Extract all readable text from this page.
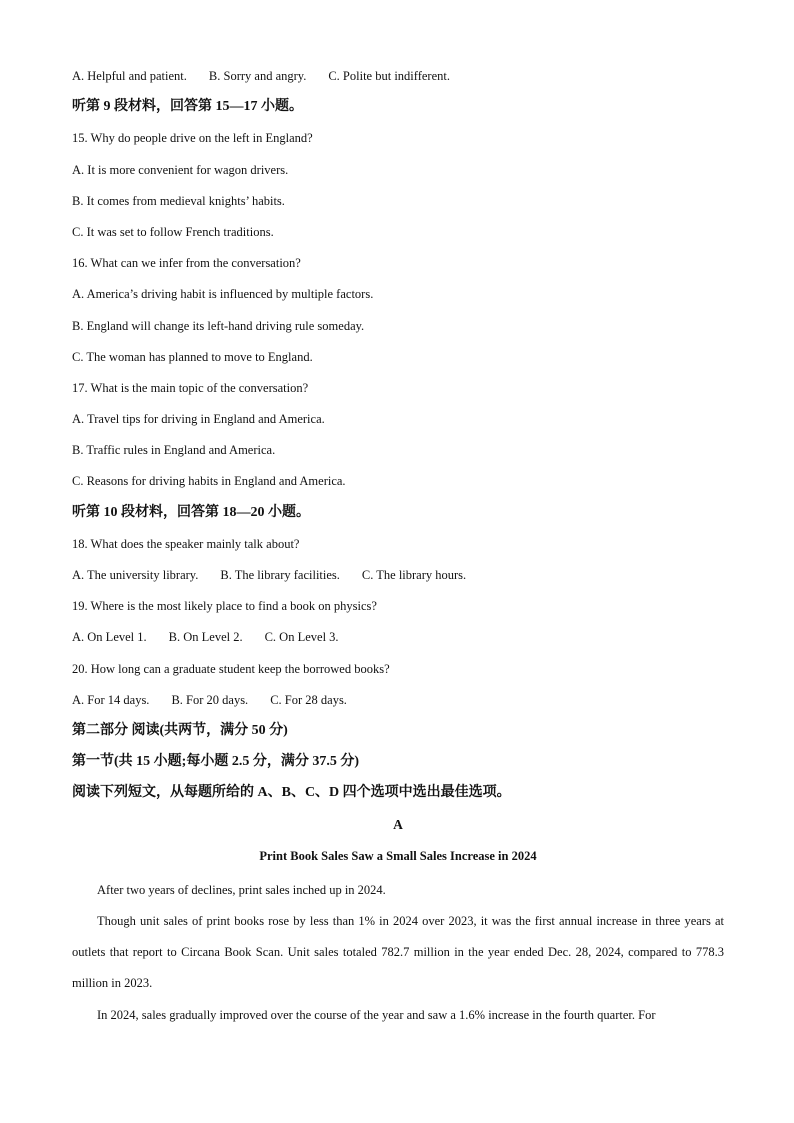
A. Helpful and patient. B. Sorry and angry. C. Polite but indifferent.
听第 9 段材料，回答第 15—17 小题。
15. Why do people drive on the left in England?
A. It is more convenient for wagon drivers.
B. It comes from medieval knights’ habits.
C. It was set to follow French traditions.
16. What can we infer from the conversation?
A. America’s driving habit is influenced by multiple factors.
B. England will change its left-hand driving rule someday.
C. The woman has planned to move to England.
17. What is the main topic of the conversation?
A. Travel tips for driving in England and America.
B. Traffic rules in England and America.
C. Reasons for driving habits in England and America.
听第 10 段材料，回答第 18—20 小题。
18. What does the speaker mainly talk about?
A. The university library. B. The library facilities. C. The library hours.
19. Where is the most likely place to find a book on physics?
A. On Level 1. B. On Level 2. C. On Level 3.
20. How long can a graduate student keep the borrowed books?
A. For 14 days. B. For 20 days. C. For 28 days.
第二部分 阅读(共两节，满分 50 分)
第一节(共 15 小题;每小题 2.5 分，满分 37.5 分)
阅读下列短文，从每题所给的 A、B、C、D 四个选项中选出最佳选项。
A
Print Book Sales Saw a Small Sales Increase in 2024

After two years of declines, print sales inched up in 2024.

Though unit sales of print books rose by less than 1% in 2024 over 2023, it was the first annual increase in three years at outlets that report to Circana Book Scan. Unit sales totaled 782.7 million in the year ended Dec. 28, 2024, compared to 778.3 million in 2023.

In 2024, sales gradually improved over the course of the year and saw a 1.6% increase in the fourth quarter. For
